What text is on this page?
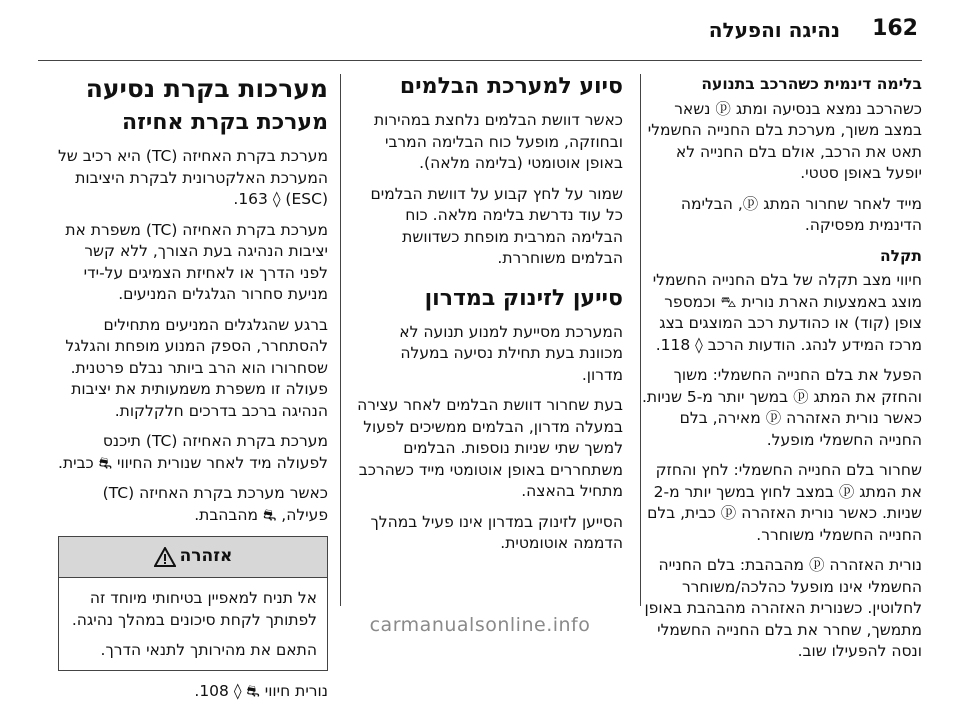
162
נהיגה והפעלה
בלימה דינמית כשהרכב בתנועה

כשהרכב נמצא בנסיעה ומתג ⓟ נשאר במצב משוך, מערכת בלם החנייה החשמלי תאט את הרכב, אולם בלם החנייה לא יופעל באופן סטטי.

מייד לאחר שחרור המתג ⓟ, הבלימה הדינמית מפסיקה.

תקלה

חיווי מצב תקלה של בלם החנייה החשמלי מוצג באמצעות הארת נורית ⛍ וכמספר צופן (קוד) או כהודעת רכב המוצגים בצג מרכז המידע לנהג. הודעות הרכב ◊ 118.

הפעל את בלם החנייה החשמלי: משוך והחזק את המתג ⓟ במשך יותר מ-5 שניות. כאשר נורית האזהרה ⓟ מאירה, בלם החנייה החשמלי מופעל.

שחרור בלם החנייה החשמלי: לחץ והחזק את המתג ⓟ במצב לחוץ במשך יותר מ-2 שניות. כאשר נורית האזהרה ⓟ כבית, בלם החנייה החשמלי משוחרר.

נורית האזהרה ⓟ מהבהבת: בלם החנייה החשמלי אינו מופעל כהלכה/משוחרר לחלוטין. כשנורית האזהרה מהבהבת באופן מתמשך, שחרר את בלם החנייה החשמלי ונסה להפעילו שוב.

סיוע למערכת הבלמים

כאשר דוושת הבלמים נלחצת במהירות ובחוזקה, מופעל כוח הבלימה המרבי באופן אוטומטי (בלימה מלאה).

שמור על לחץ קבוע על דוושת הבלמים כל עוד נדרשת בלימה מלאה. כוח הבלימה המרבית מופחת כשדוושת הבלמים משוחררת.

סייען לזינוק במדרון

המערכת מסייעת למנוע תנועה לא מכוונת בעת תחילת נסיעה במעלה מדרון.

בעת שחרור דוושת הבלמים לאחר עצירה במעלה מדרון, הבלמים ממשיכים לפעול למשך שתי שניות נוספות. הבלמים משתחררים באופן אוטומטי מייד כשהרכב מתחיל בהאצה.

הסייען לזינוק במדרון אינו פעיל במהלך הדממה אוטומטית.

מערכות בקרת נסיעה
מערכת בקרת אחיזה

מערכת בקרת האחיזה (TC) היא רכיב של המערכת האלקטרונית לבקרת היציבות (ESC) ◊ 163.

מערכת בקרת האחיזה (TC) משפרת את יציבות הנהיגה בעת הצורך, ללא קשר לפני הדרך או לאחיזת הצמיגים על-ידי מניעת סחרור הגלגלים המניעים.

ברגע שהגלגלים המניעים מתחילים להסתחרר, הספק המנוע מופחת והגלגל שסחרורו הוא הרב ביותר נבלם פרטנית. פעולה זו משפרת משמעותית את יציבות הנהיגה ברכב בדרכים חלקלקות.

מערכת בקרת האחיזה (TC) תיכנס לפעולה מיד לאחר שנורית החיווי ⛐ כבית.

כאשר מערכת בקרת האחיזה (TC) פעילה, ⛐ מהבהבת.

אזהרה

אל תניח למאפיין בטיחותי מיוחד זה לפתותך לקחת סיכונים במהלך נהיגה.

התאם את מהירותך לתנאי הדרך.

נורית חיווי ⛐ ◊ 108.

carmanualsonline.info
